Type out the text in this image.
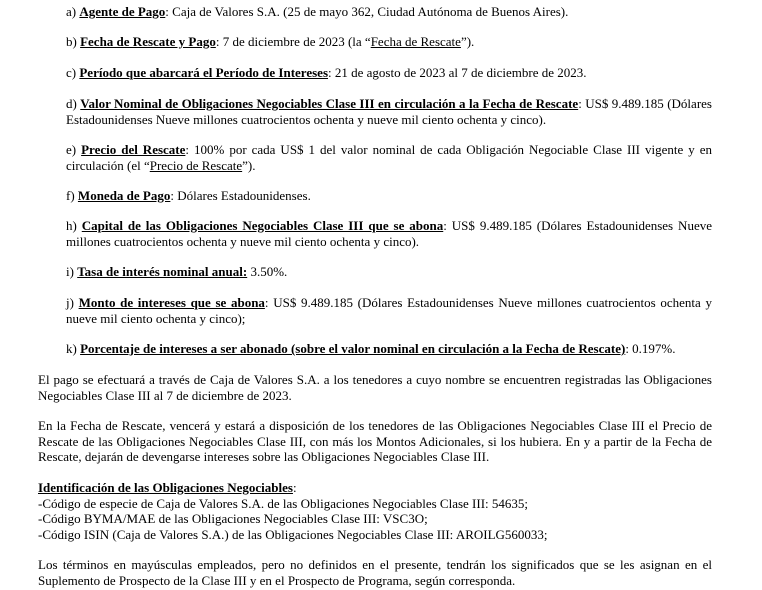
a) Agente de Pago: Caja de Valores S.A. (25 de mayo 362, Ciudad Autónoma de Buenos Aires).

b) Fecha de Rescate y Pago: 7 de diciembre de 2023 (la “Fecha de Rescate”).

c) Período que abarcará el Período de Intereses: 21 de agosto de 2023 al 7 de diciembre de 2023.

d) Valor Nominal de Obligaciones Negociables Clase III en circulación a la Fecha de Rescate: US$ 9.489.185 (Dólares Estadounidenses Nueve millones cuatrocientos ochenta y nueve mil ciento ochenta y cinco).

e) Precio del Rescate: 100% por cada US$ 1 del valor nominal de cada Obligación Negociable Clase III vigente y en circulación (el “Precio de Rescate”).

f) Moneda de Pago: Dólares Estadounidenses.

h) Capital de las Obligaciones Negociables Clase III que se abona: US$ 9.489.185 (Dólares Estadounidenses Nueve millones cuatrocientos ochenta y nueve mil ciento ochenta y cinco).

i) Tasa de interés nominal anual: 3.50%.

j) Monto de intereses que se abona: US$ 9.489.185 (Dólares Estadounidenses Nueve millones cuatrocientos ochenta y nueve mil ciento ochenta y cinco);

k) Porcentaje de intereses a ser abonado (sobre el valor nominal en circulación a la Fecha de Rescate): 0.197%.

El pago se efectuará a través de Caja de Valores S.A. a los tenedores a cuyo nombre se encuentren registradas las Obligaciones Negociables Clase III al 7 de diciembre de 2023.

En la Fecha de Rescate, vencerá y estará a disposición de los tenedores de las Obligaciones Negociables Clase III el Precio de Rescate de las Obligaciones Negociables Clase III, con más los Montos Adicionales, si los hubiera. En y a partir de la Fecha de Rescate, dejarán de devengarse intereses sobre las Obligaciones Negociables Clase III.

Identificación de las Obligaciones Negociables:
-Código de especie de Caja de Valores S.A. de las Obligaciones Negociables Clase III: 54635;
-Código BYMA/MAE de las Obligaciones Negociables Clase III: VSC3O;
-Código ISIN (Caja de Valores S.A.) de las Obligaciones Negociables Clase III: AROILG560033;

Los términos en mayúsculas empleados, pero no definidos en el presente, tendrán los significados que se les asignan en el Suplemento de Prospecto de la Clase III y en el Prospecto de Programa, según corresponda.
